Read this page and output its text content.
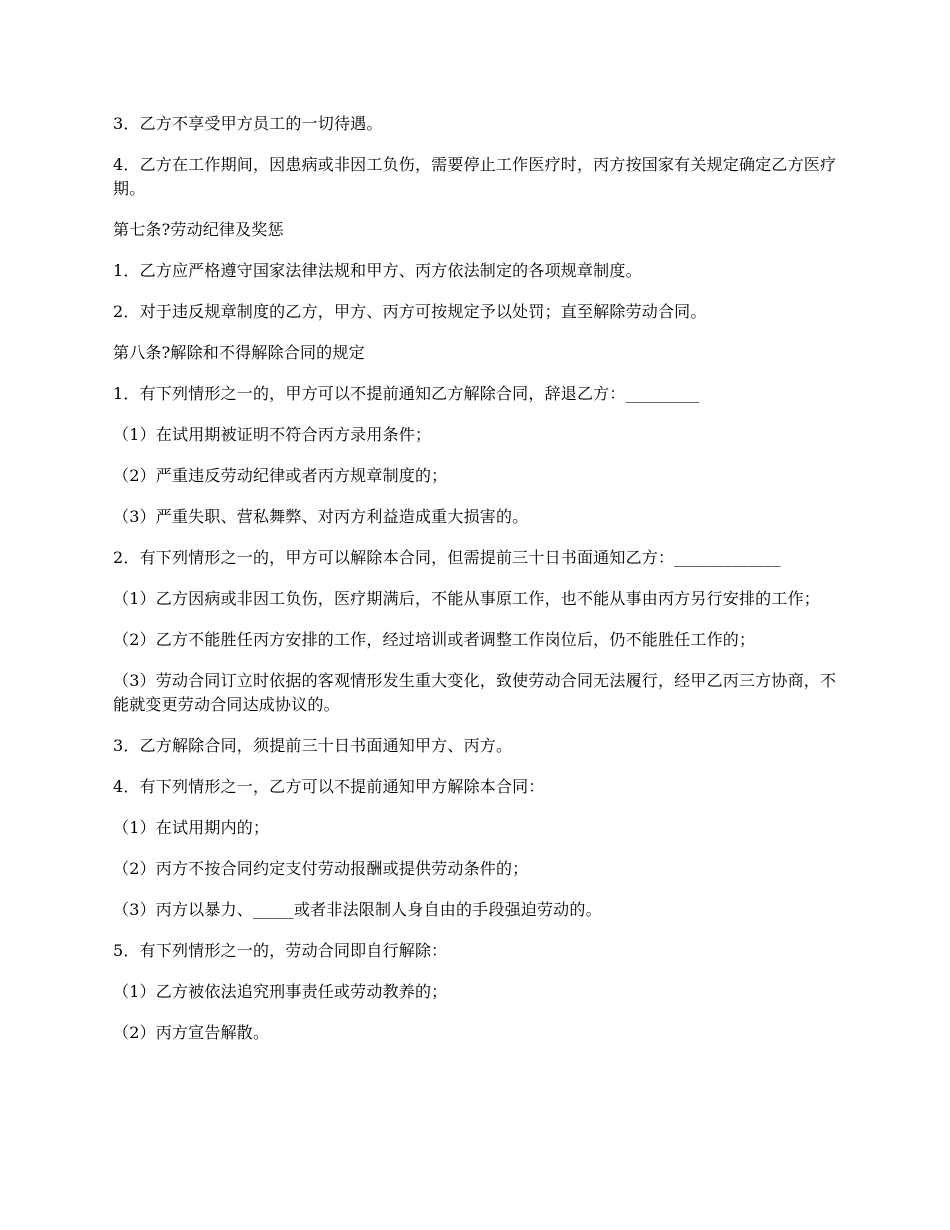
3．乙方不享受甲方员工的一切待遇。

4．乙方在工作期间，因患病或非因工负伤，需要停止工作医疗时，丙方按国家有关规定确定乙方医疗期。

第七条?劳动纪律及奖惩

1．乙方应严格遵守国家法律法规和甲方、丙方依法制定的各项规章制度。

2．对于违反规章制度的乙方，甲方、丙方可按规定予以处罚；直至解除劳动合同。

第八条?解除和不得解除合同的规定

1．有下列情形之一的，甲方可以不提前通知乙方解除合同，辞退乙方：_________

（1）在试用期被证明不符合丙方录用条件；

（2）严重违反劳动纪律或者丙方规章制度的；

（3）严重失职、营私舞弊、对丙方利益造成重大损害的。

2．有下列情形之一的，甲方可以解除本合同，但需提前三十日书面通知乙方：_____________

（1）乙方因病或非因工负伤，医疗期满后，不能从事原工作，也不能从事由丙方另行安排的工作；

（2）乙方不能胜任丙方安排的工作，经过培训或者调整工作岗位后，仍不能胜任工作的；

（3）劳动合同订立时依据的客观情形发生重大变化，致使劳动合同无法履行，经甲乙丙三方协商，不能就变更劳动合同达成协议的。

3．乙方解除合同，须提前三十日书面通知甲方、丙方。

4．有下列情形之一，乙方可以不提前通知甲方解除本合同：

（1）在试用期内的；

（2）丙方不按合同约定支付劳动报酬或提供劳动条件的；

（3）丙方以暴力、_____或者非法限制人身自由的手段强迫劳动的。

5．有下列情形之一的，劳动合同即自行解除：

（1）乙方被依法追究刑事责任或劳动教养的；

（2）丙方宣告解散。
